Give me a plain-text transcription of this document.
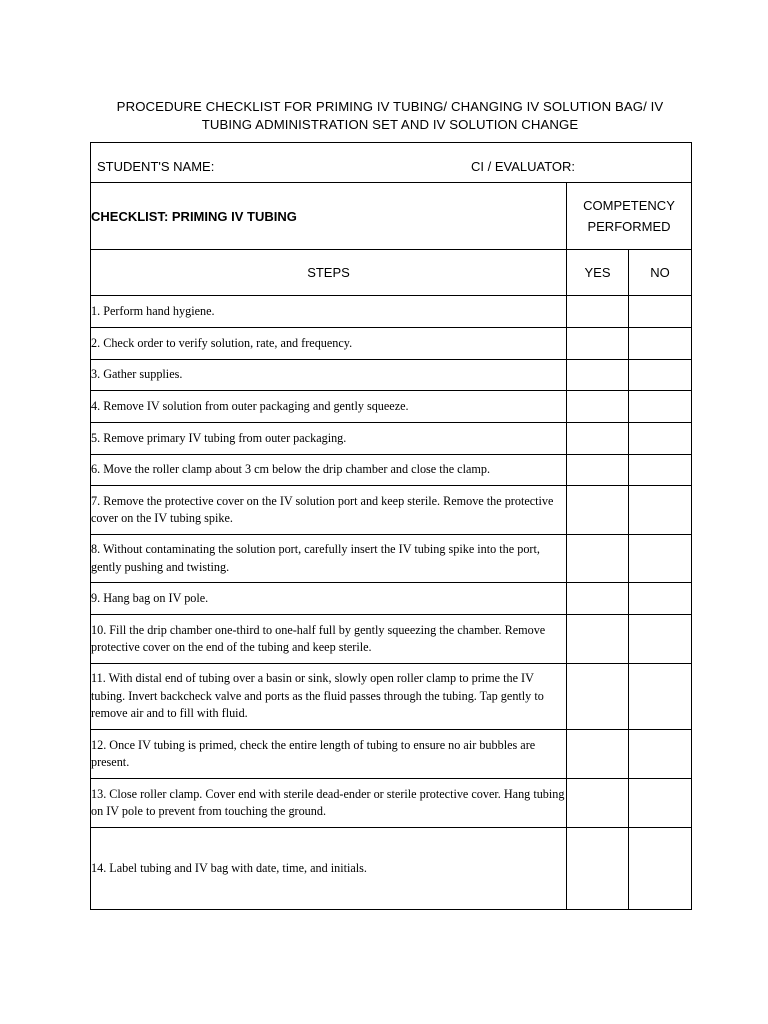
PROCEDURE CHECKLIST FOR PRIMING IV TUBING/ CHANGING IV SOLUTION BAG/ IV
TUBING ADMINISTRATION SET AND IV SOLUTION CHANGE
STUDENT'S NAME: CI / EVALUATOR:		

CHECKLIST: PRIMING IV TUBING	COMPETENCY
PERFORMED	
STEPS	YES	NO
1. Perform hand hygiene.		
2. Check order to verify solution, rate, and frequency.		
3. Gather supplies.		
4. Remove IV solution from outer packaging and gently squeeze.		
5. Remove primary IV tubing from outer packaging.		
6. Move the roller clamp about 3 cm below the drip chamber and close the clamp.		
7. Remove the protective cover on the IV solution port and keep sterile. Remove the protective cover on the IV tubing spike.		
8. Without contaminating the solution port, carefully insert the IV tubing spike into the port, gently pushing and twisting.		
9. Hang bag on IV pole.		
10. Fill the drip chamber one-third to one-half full by gently squeezing the chamber. Remove protective cover on the end of the tubing and keep sterile.		
11. With distal end of tubing over a basin or sink, slowly open roller clamp to prime the IV tubing. Invert backcheck valve and ports as the fluid passes through the tubing. Tap gently to remove air and to fill with fluid.		
12. Once IV tubing is primed, check the entire length of tubing to ensure no air bubbles are present.		
13. Close roller clamp. Cover end with sterile dead-ender or sterile protective cover. Hang tubing on IV pole to prevent from touching the ground.		
14. Label tubing and IV bag with date, time, and initials.		
